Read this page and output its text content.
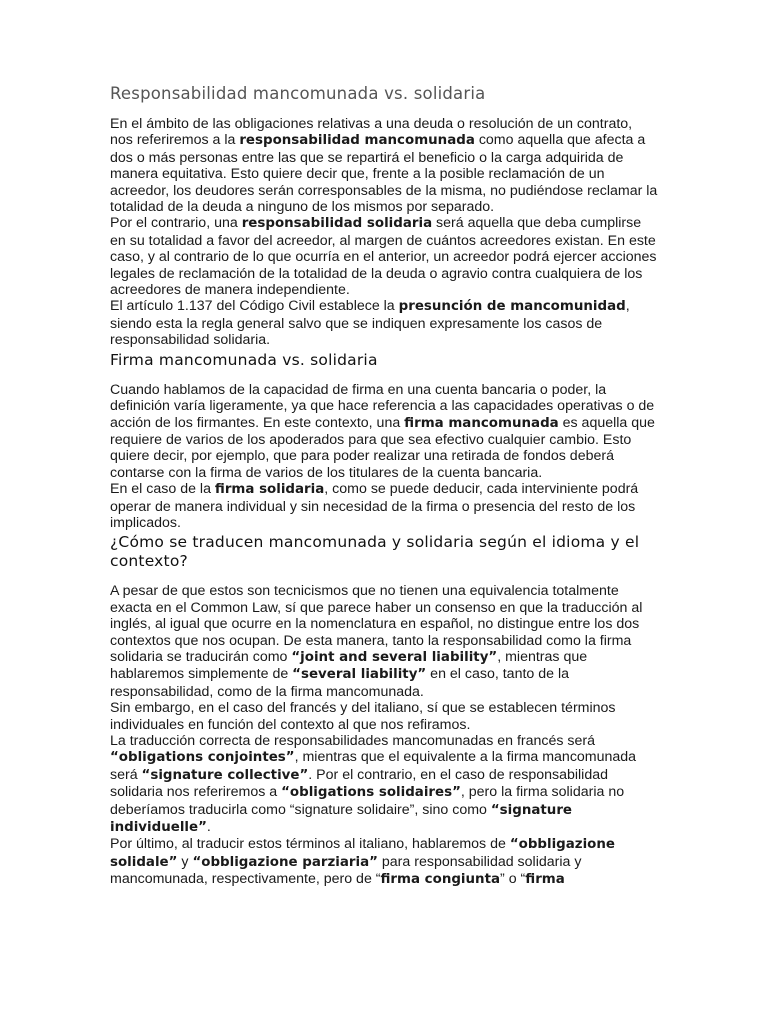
Responsabilidad mancomunada vs. solidaria

En el ámbito de las obligaciones relativas a una deuda o resolución de un contrato, nos referiremos a la responsabilidad mancomunada como aquella que afecta a dos o más personas entre las que se repartirá el beneficio o la carga adquirida de manera equitativa. Esto quiere decir que, frente a la posible reclamación de un acreedor, los deudores serán corresponsables de la misma, no pudiéndose reclamar la totalidad de la deuda a ninguno de los mismos por separado.

Por el contrario, una responsabilidad solidaria será aquella que deba cumplirse en su totalidad a favor del acreedor, al margen de cuántos acreedores existan. En este caso, y al contrario de lo que ocurría en el anterior, un acreedor podrá ejercer acciones legales de reclamación de la totalidad de la deuda o agravio contra cualquiera de los acreedores de manera independiente.

El artículo 1.137 del Código Civil establece la presunción de mancomunidad, siendo esta la regla general salvo que se indiquen expresamente los casos de responsabilidad solidaria.

Firma mancomunada vs. solidaria

Cuando hablamos de la capacidad de firma en una cuenta bancaria o poder, la definición varía ligeramente, ya que hace referencia a las capacidades operativas o de acción de los firmantes. En este contexto, una firma mancomunada es aquella que requiere de varios de los apoderados para que sea efectivo cualquier cambio. Esto quiere decir, por ejemplo, que para poder realizar una retirada de fondos deberá contarse con la firma de varios de los titulares de la cuenta bancaria.

En el caso de la firma solidaria, como se puede deducir, cada interviniente podrá operar de manera individual y sin necesidad de la firma o presencia del resto de los implicados.

¿Cómo se traducen mancomunada y solidaria según el idioma y el contexto?

A pesar de que estos son tecnicismos que no tienen una equivalencia totalmente exacta en el Common Law, sí que parece haber un consenso en que la traducción al inglés, al igual que ocurre en la nomenclatura en español, no distingue entre los dos contextos que nos ocupan. De esta manera, tanto la responsabilidad como la firma solidaria se traducirán como “joint and several liability”, mientras que hablaremos simplemente de “several liability” en el caso, tanto de la responsabilidad, como de la firma mancomunada.

Sin embargo, en el caso del francés y del italiano, sí que se establecen términos individuales en función del contexto al que nos refiramos.

La traducción correcta de responsabilidades mancomunadas en francés será “obligations conjointes”, mientras que el equivalente a la firma mancomunada será “signature collective”. Por el contrario, en el caso de responsabilidad solidaria nos referiremos a “obligations solidaires”, pero la firma solidaria no deberíamos traducirla como “signature solidaire”, sino como “signature individuelle”.

Por último, al traducir estos términos al italiano, hablaremos de “obbligazione solidale” y “obbligazione parziaria” para responsabilidad solidaria y mancomunada, respectivamente, pero de “firma congiunta” o “firma
